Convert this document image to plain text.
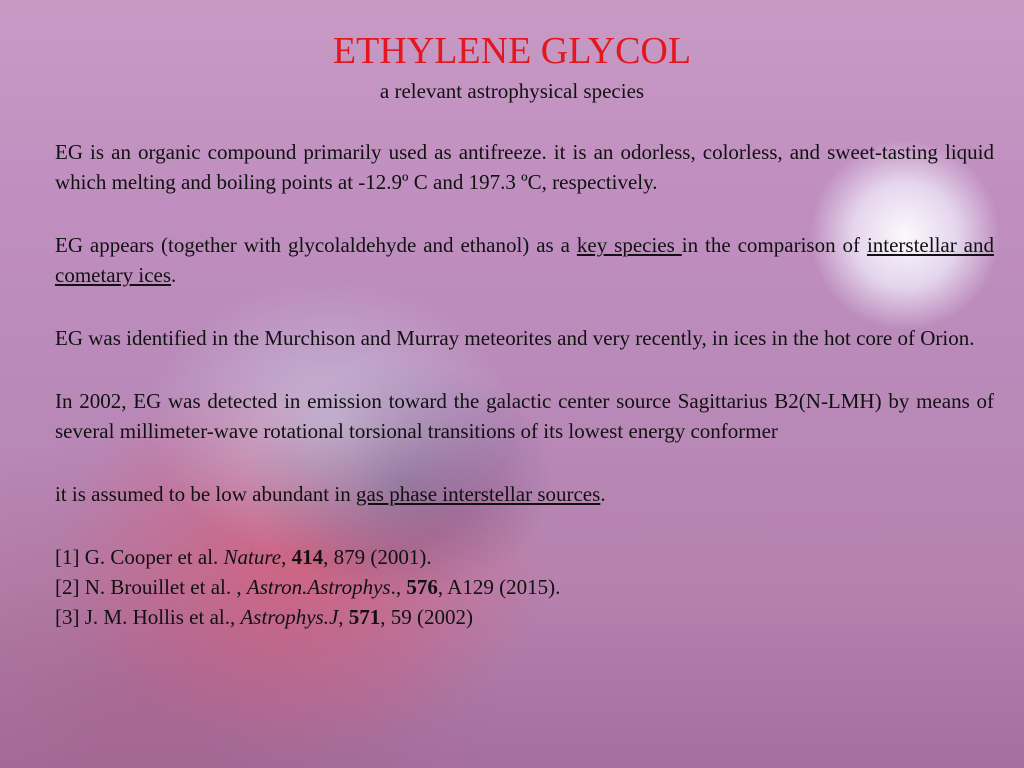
ETHYLENE GLYCOL
a relevant astrophysical species

EG is an organic compound primarily used as antifreeze. it is an odorless, colorless, and sweet-tasting liquid which melting and boiling points at -12.9º C and 197.3 ºC, respectively.

EG appears (together with glycolaldehyde and ethanol) as a key species in the comparison of interstellar and cometary ices.

EG was identified in the Murchison and Murray meteorites and very recently, in ices in the hot core of Orion.

In 2002, EG was detected in emission toward the galactic center source Sagittarius B2(N-LMH) by means of several millimeter-wave rotational torsional transitions of its lowest energy conformer

it is assumed to be low abundant in gas phase interstellar sources.

[1] G. Cooper et al. Nature, 414, 879 (2001).

[2] N. Brouillet et al. , Astron.Astrophys., 576, A129 (2015).

[3] J. M. Hollis et al., Astrophys.J, 571, 59 (2002)
